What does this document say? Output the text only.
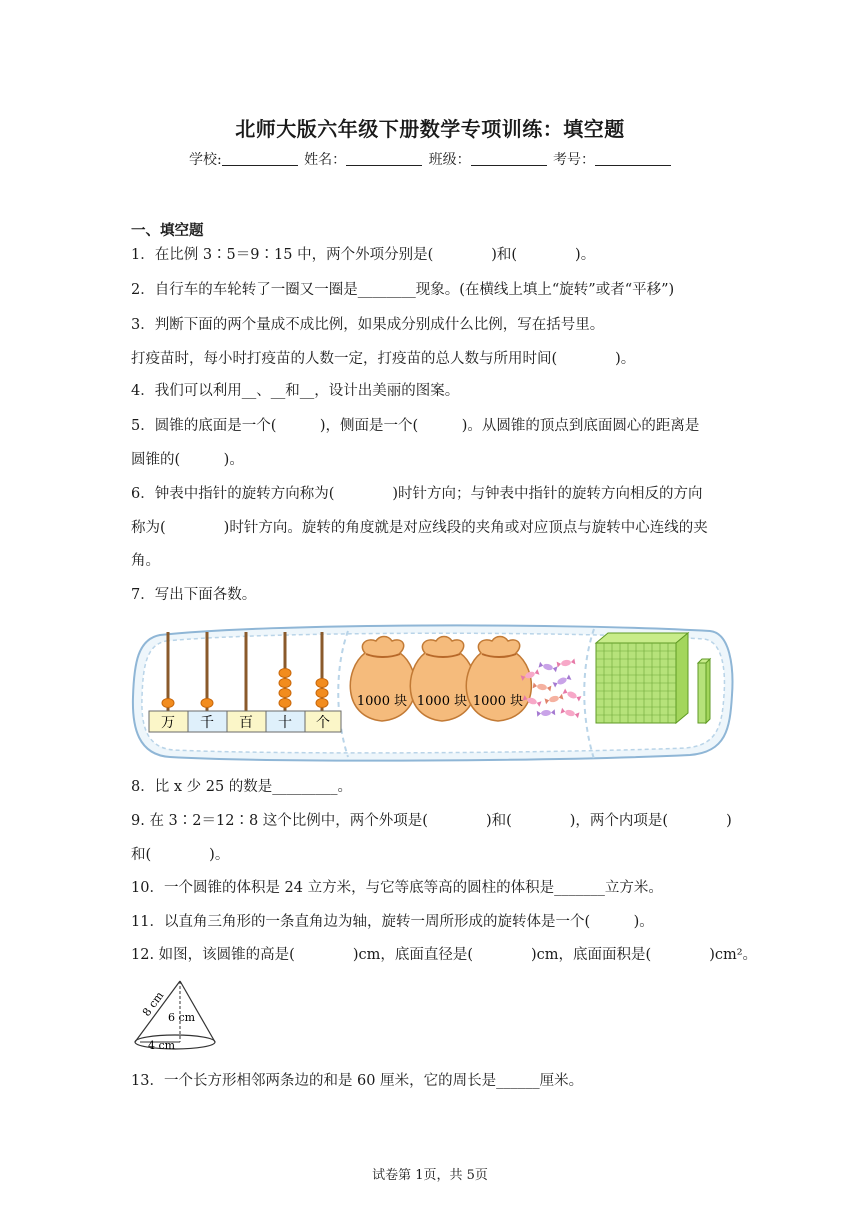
北师大版六年级下册数学专项训练：填空题
学校:	姓名：	班级：	考号：
一、填空题
1．在比例 3∶5＝9∶15 中，两个外项分别是(　　　　)和(　　　　)。
2．自行车的车轮转了一圈又一圈是________现象。(在横线上填上“旋转”或者“平移”)
3．判断下面的两个量成不成比例，如果成分别成什么比例，写在括号里。
打疫苗时，每小时打疫苗的人数一定，打疫苗的总人数与所用时间(　　　　)。
4．我们可以利用__、__和__，设计出美丽的图案。
5．圆锥的底面是一个(　　　)，侧面是一个(　　　)。从圆锥的顶点到底面圆心的距离是
圆锥的(　　　)。
6．钟表中指针的旋转方向称为(　　　　)时针方向；与钟表中指针的旋转方向相反的方向
称为(　　　　)时针方向。旋转的角度就是对应线段的夹角或对应顶点与旋转中心连线的夹
角。
7．写出下面各数。
万 千 百 十 个
1000 块 1000 块 1000 块
8．比 x 少 25 的数是_________。
9. 在 3∶2＝12∶8 这个比例中，两个外项是(　　　　)和(　　　　)，两个内项是(　　　　)
和(　　　　)。
10．一个圆锥的体积是 24 立方米，与它等底等高的圆柱的体积是_______立方米。
11．以直角三角形的一条直角边为轴，旋转一周所形成的旋转体是一个(　　　)。
12. 如图，该圆锥的高是(　　　　)cm，底面直径是(　　　　)cm，底面面积是(　　　　)cm²。
8 cm 6 cm
4 cm
13．一个长方形相邻两条边的和是 60 厘米，它的周长是______厘米。
试卷第 1页，共 5页
